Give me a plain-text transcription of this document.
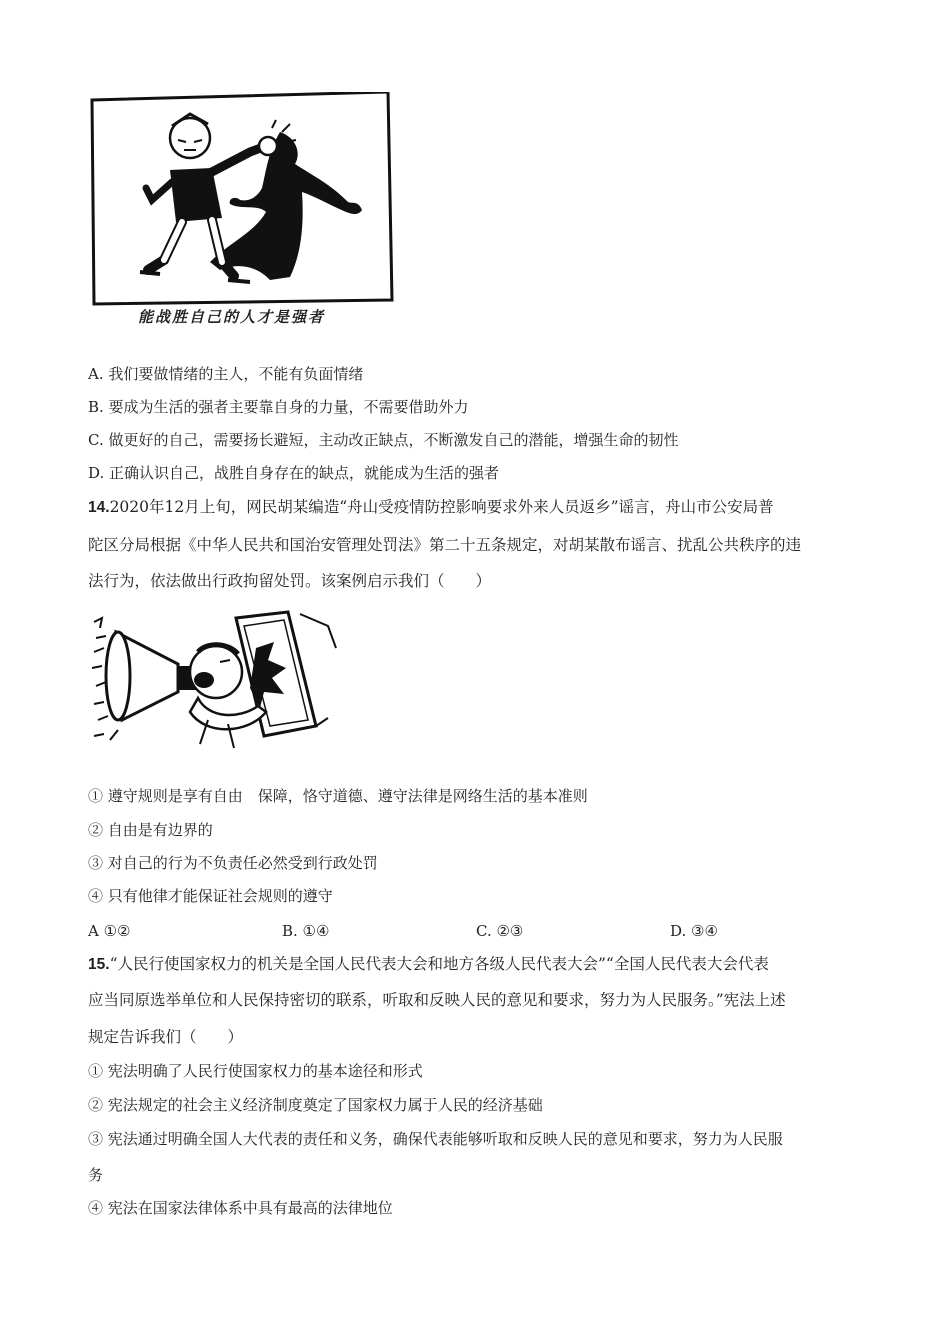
能战胜自己的人才是强者
A. 我们要做情绪的主人，不能有负面情绪
B. 要成为生活的强者主要靠自身的力量，不需要借助外力
C. 做更好的自己，需要扬长避短，主动改正缺点，不断激发自己的潜能，增强生命的韧性
D. 正确认识自己，战胜自身存在的缺点，就能成为生活的强者
14.2020年12月上旬，网民胡某编造“舟山受疫情防控影响要求外来人员返乡”谣言，舟山市公安局普
陀区分局根据《中华人民共和国治安管理处罚法》第二十五条规定，对胡某散布谣言、扰乱公共秩序的违
法行为，依法做出行政拘留处罚。该案例启示我们（　　）
① 遵守规则是享有自由　保障，恪守道德、遵守法律是网络生活的基本准则
② 自由是有边界的
③ 对自己的行为不负责任必然受到行政处罚
④ 只有他律才能保证社会规则的遵守
A ①②	B. ①④	C. ②③	D. ③④
15.“人民行使国家权力的机关是全国人民代表大会和地方各级人民代表大会”“全国人民代表大会代表
应当同原选举单位和人民保持密切的联系，听取和反映人民的意见和要求，努力为人民服务。”宪法上述
规定告诉我们（　　）
① 宪法明确了人民行使国家权力的基本途径和形式
② 宪法规定的社会主义经济制度奠定了国家权力属于人民的经济基础
③ 宪法通过明确全国人大代表的责任和义务，确保代表能够听取和反映人民的意见和要求，努力为人民服
务
④ 宪法在国家法律体系中具有最高的法律地位
